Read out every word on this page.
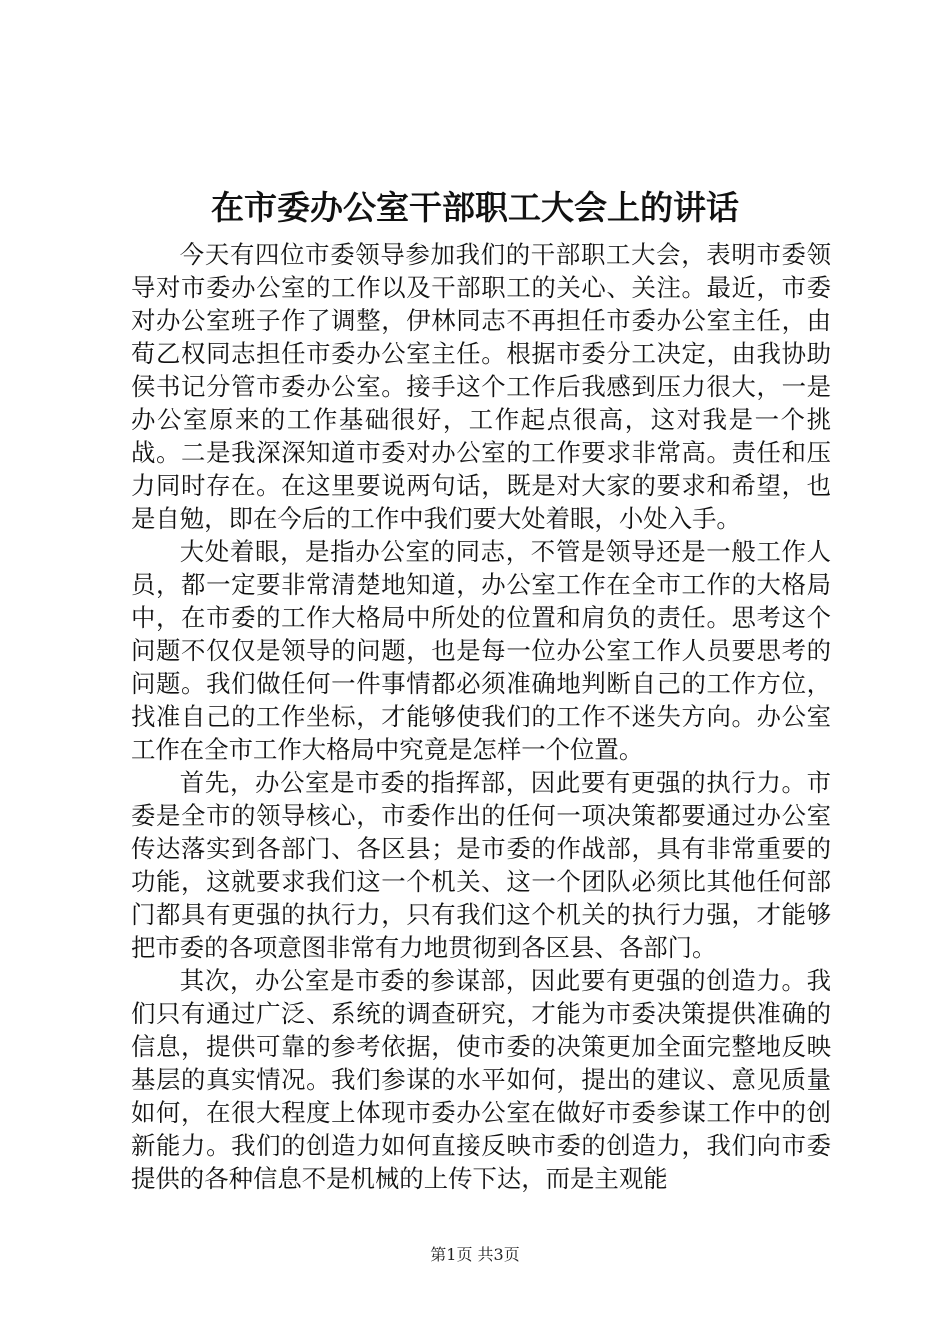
在市委办公室干部职工大会上的讲话

今天有四位市委领导参加我们的干部职工大会，表明市委领导对市委办公室的工作以及干部职工的关心、关注。最近，市委对办公室班子作了调整，伊林同志不再担任市委办公室主任，由荀乙权同志担任市委办公室主任。根据市委分工决定，由我协助侯书记分管市委办公室。接手这个工作后我感到压力很大，一是办公室原来的工作基础很好，工作起点很高，这对我是一个挑战。二是我深深知道市委对办公室的工作要求非常高。责任和压力同时存在。在这里要说两句话，既是对大家的要求和希望，也是自勉，即在今后的工作中我们要大处着眼，小处入手。

大处着眼，是指办公室的同志，不管是领导还是一般工作人员，都一定要非常清楚地知道，办公室工作在全市工作的大格局中，在市委的工作大格局中所处的位置和肩负的责任。思考这个问题不仅仅是领导的问题，也是每一位办公室工作人员要思考的问题。我们做任何一件事情都必须准确地判断自己的工作方位，找准自己的工作坐标，才能够使我们的工作不迷失方向。办公室工作在全市工作大格局中究竟是怎样一个位置。

首先，办公室是市委的指挥部，因此要有更强的执行力。市委是全市的领导核心，市委作出的任何一项决策都要通过办公室传达落实到各部门、各区县；是市委的作战部，具有非常重要的功能，这就要求我们这一个机关、这一个团队必须比其他任何部门都具有更强的执行力，只有我们这个机关的执行力强，才能够把市委的各项意图非常有力地贯彻到各区县、各部门。

其次，办公室是市委的参谋部，因此要有更强的创造力。我们只有通过广泛、系统的调查研究，才能为市委决策提供准确的信息，提供可靠的参考依据，使市委的决策更加全面完整地反映基层的真实情况。我们参谋的水平如何，提出的建议、意见质量如何，在很大程度上体现市委办公室在做好市委参谋工作中的创新能力。我们的创造力如何直接反映市委的创造力，我们向市委提供的各种信息不是机械的上传下达，而是主观能

第1页 共3页
